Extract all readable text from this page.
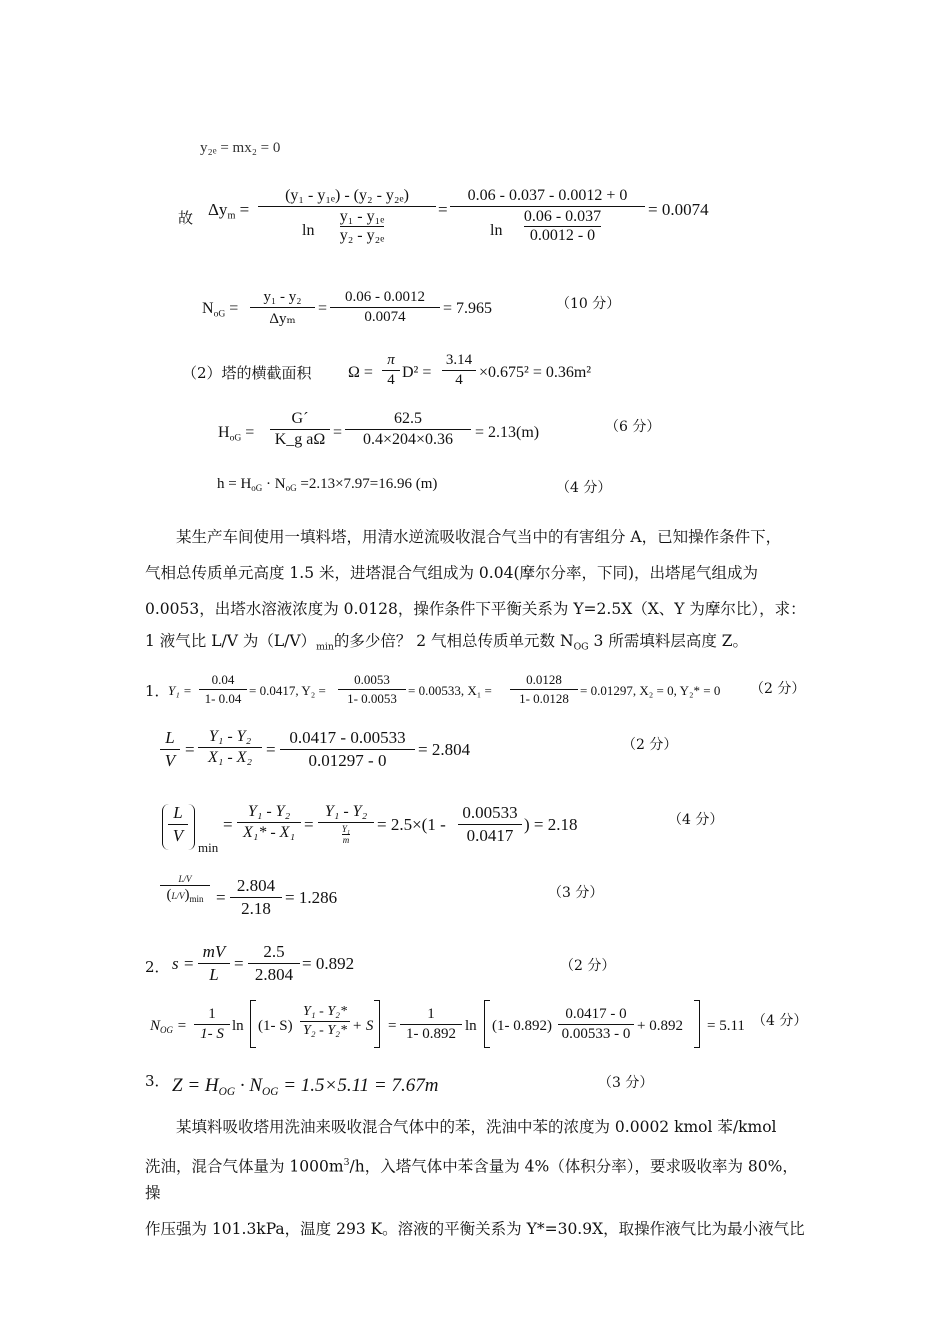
y₂ₑ = mx₂ = 0
故 $\Delta y_m$ =
(y₁ - y₁ₑ) - (y₂ - y₂ₑ)
$\ln \frac{\text{y₁ - y₁ₑ}}{\text{y₂ - y₂ₑ}}$	=
0.06 - 0.037 - 0.0012 + 0
$\ln \frac{0.06 - 0.037}{0.0012 - 0}$	= 0.0074
$N_{oG}$ =
y₁ - y₂
Δyₘ
=
0.06 - 0.0012
0.0074	= 7.965	（10 分）
（2）塔的横截面积 Ω =
π
4 D² =
3.14
4	×0.675² = 0.36m²
$H_{oG}$ =
G´
K_g aΩ =
62.5
0.4×204×0.36	= 2.13(m)	（6 分）
$h = H_{oG} \cdot N_{oG} =2.13\times 7.97=16.96$ (m)	（4 分）
某生产车间使用一填料塔，用清水逆流吸收混合气当中的有害组分 A，已知操作条件下，
气相总传质单元高度 1.5 米，进塔混合气组成为 0.04(摩尔分率，下同)，出塔尾气组成为
0.0053，出塔水溶液浓度为 0.0128，操作条件下平衡关系为 Y=2.5X（X、Y 为摩尔比），求：
1 液气比 L/V 为$(L/V)_{min}$的多少倍？ 2 气相总传质单元数 $N_{OG}$ 3 所需填料层高度 Z。
1．
Y₁ =
0.04
1- 0.04
= 0.0417, Y₂ =
0.0053
1- 0.0053
= 0.00533, X₁ =
0.0128
1- 0.0128
= 0.01297, X₂ = 0, Y₂* = 0 （2 分）
L
V
=
Y₁ - Y₂
X₁ - X₂ =
0.0417 - 0.00533
0.01297 - 0
= 2.804	（2 分）
L
V
min
=
Y₁ - Y₂
X₁* - X₁ =
Y₁ - Y₂
$\frac{\text{Y₁}}{m} = 2.5\times(1$ -
0.00533
0.0417
) = 2.18	（4 分）
L/V
$(L/V)_{min}$ =
2.804
2.18
= 1.286	（3 分）
2． s =
mV
L
=
2.5
2.804
= 0.892	（2 分）
$N_{OG}$ =
1
1- S ln (1- S)
Y₁ - Y₂*
Y₂ - Y₂* + S =
1
1- 0.892 ln (1- 0.892)
0.0417 - 0
0.00533 - 0 + 0.892 = 5.11 （4 分）
3． $Z = H_{OG} \cdot N_{OG} = 1.5\times 5.11 = 7.67m$	（3 分）
某填料吸收塔用洗油来吸收混合气体中的苯，洗油中苯的浓度为 0.0002 kmol 苯/kmol
洗油，混合气体量为 $1000m^3/h$，入塔气体中苯含量为 4%（体积分率），要求吸收率为 80%，操
作压强为 101.3kPa，温度 293 K。溶液的平衡关系为 Y*=30.9X，取操作液气比为最小液气比
